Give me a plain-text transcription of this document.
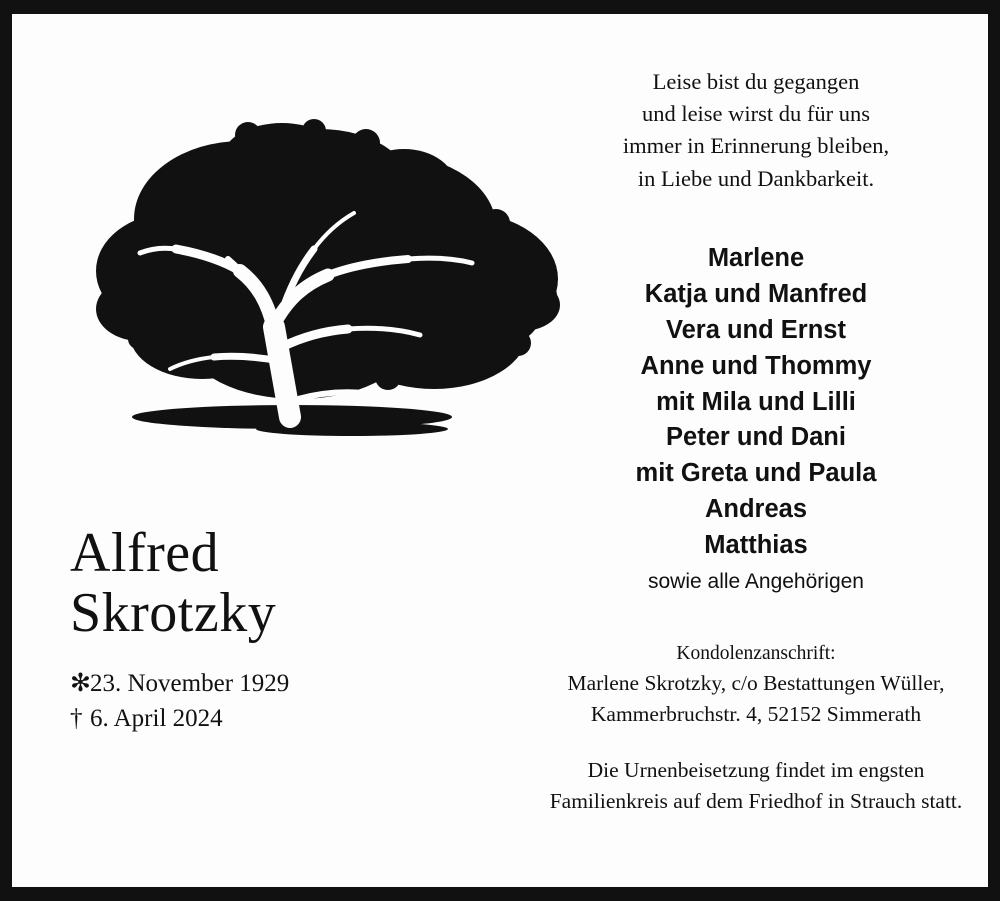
Alfred
Skrotzky
✻23. November 1929
† 6. April 2024
Leise bist du gegangen
und leise wirst du für uns
immer in Erinnerung bleiben,
in Liebe und Dankbarkeit.
Marlene
Katja und Manfred
Vera und Ernst
Anne und Thommy
mit Mila und Lilli
Peter und Dani
mit Greta und Paula
Andreas
Matthias
sowie alle Angehörigen
Kondolenzanschrift:
Marlene Skrotzky, c/o Bestattungen Wüller,
Kammerbruchstr. 4, 52152 Simmerath
Die Urnenbeisetzung findet im engsten
Familienkreis auf dem Friedhof in Strauch statt.
